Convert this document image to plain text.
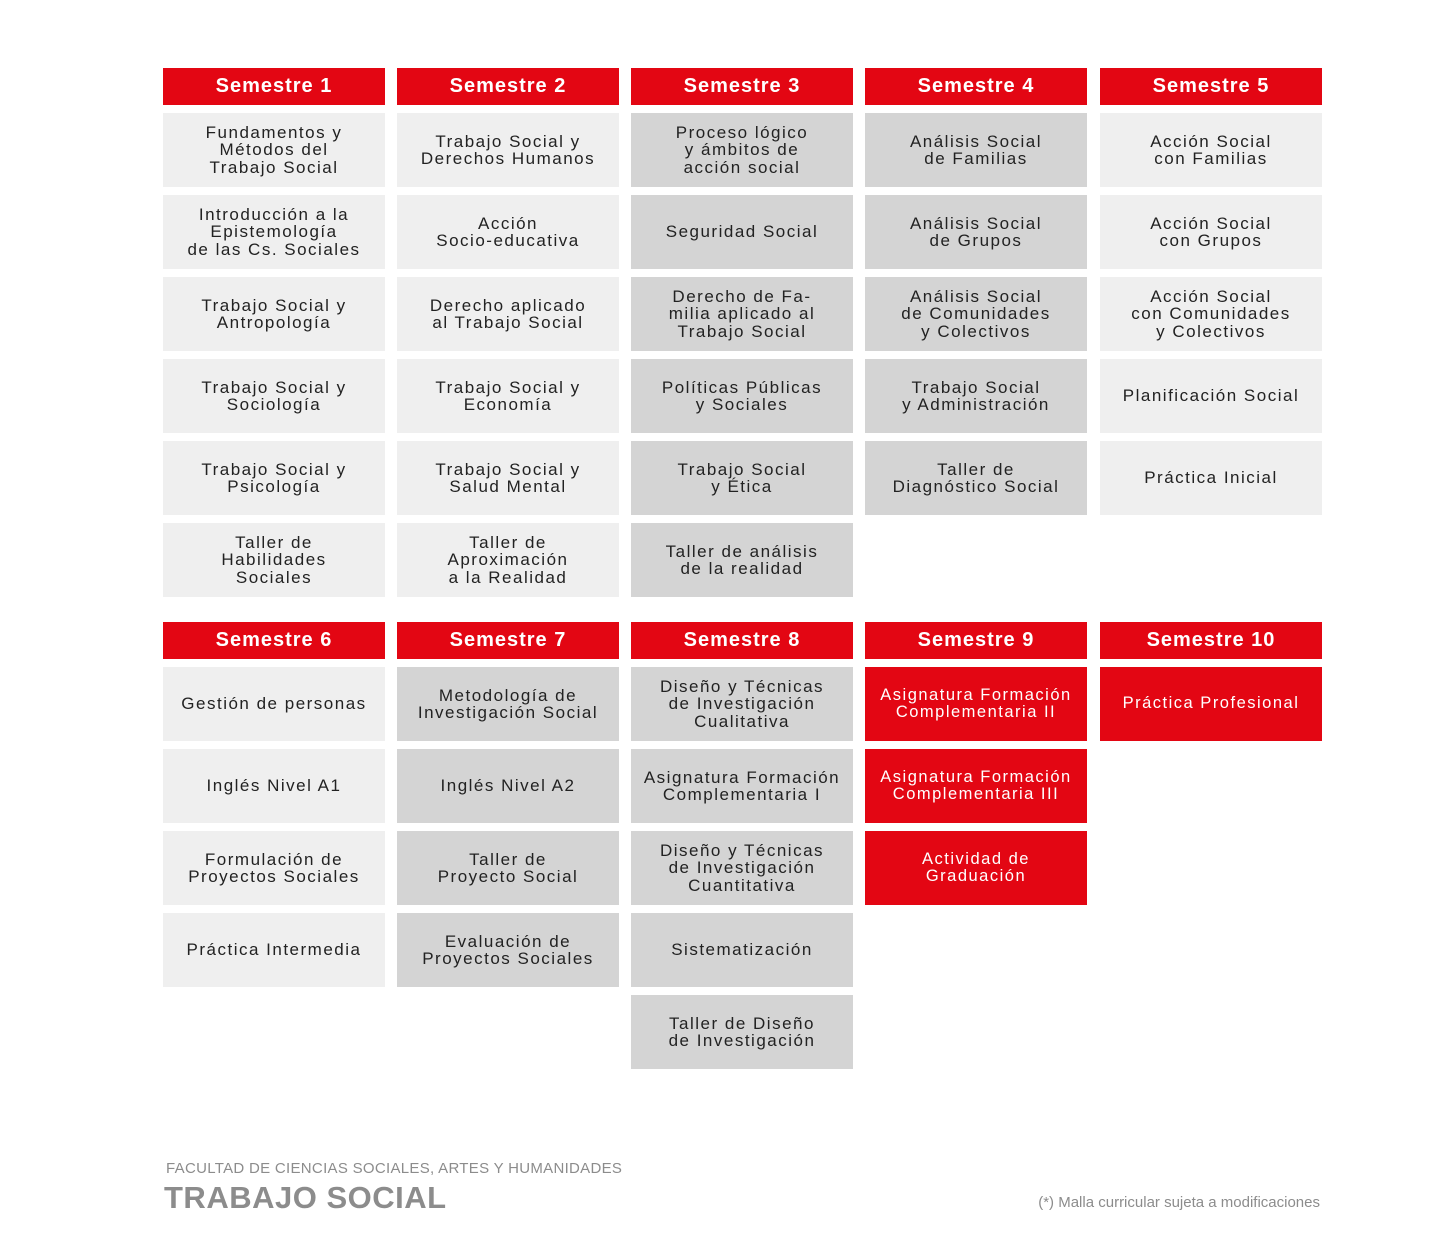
Semestre 1
Fundamentos y
Métodos del
Trabajo Social
Introducción a la
Epistemología
de las Cs. Sociales
Trabajo Social y
Antropología
Trabajo Social y
Sociología
Trabajo Social y
Psicología
Taller de
Habilidades
Sociales
Semestre 2
Trabajo Social y
Derechos Humanos
Acción
Socio-educativa
Derecho aplicado
al Trabajo Social
Trabajo Social y
Economía
Trabajo Social y
Salud Mental
Taller de
Aproximación
a la Realidad
Semestre 3
Proceso lógico
y ámbitos de
acción social
Seguridad Social
Derecho de Fa-
milia aplicado al
Trabajo Social
Políticas Públicas
y Sociales
Trabajo Social
y Ética
Taller de análisis
de la realidad
Semestre 4
Análisis Social
de Familias
Análisis Social
de Grupos
Análisis Social
de Comunidades
y Colectivos
Trabajo Social
y Administración
Taller de
Diagnóstico Social
Semestre 5
Acción Social
con Familias
Acción Social
con Grupos
Acción Social
con Comunidades
y Colectivos
Planificación Social
Práctica Inicial
Semestre 6
Gestión de personas
Inglés Nivel A1
Formulación de
Proyectos Sociales
Práctica Intermedia
Semestre 7
Metodología de
Investigación Social
Inglés Nivel A2
Taller de
Proyecto Social
Evaluación de
Proyectos Sociales
Semestre 8
Diseño y Técnicas
de Investigación
Cualitativa
Asignatura Formación
Complementaria I
Diseño y Técnicas
de Investigación
Cuantitativa
Sistematización
Taller de Diseño
de Investigación
Semestre 9
Asignatura Formación
Complementaria II
Asignatura Formación
Complementaria III
Actividad de
Graduación
Semestre 10
Práctica Profesional
FACULTAD DE CIENCIAS SOCIALES, ARTES Y HUMANIDADES
TRABAJO SOCIAL	(*) Malla curricular sujeta a modificaciones
